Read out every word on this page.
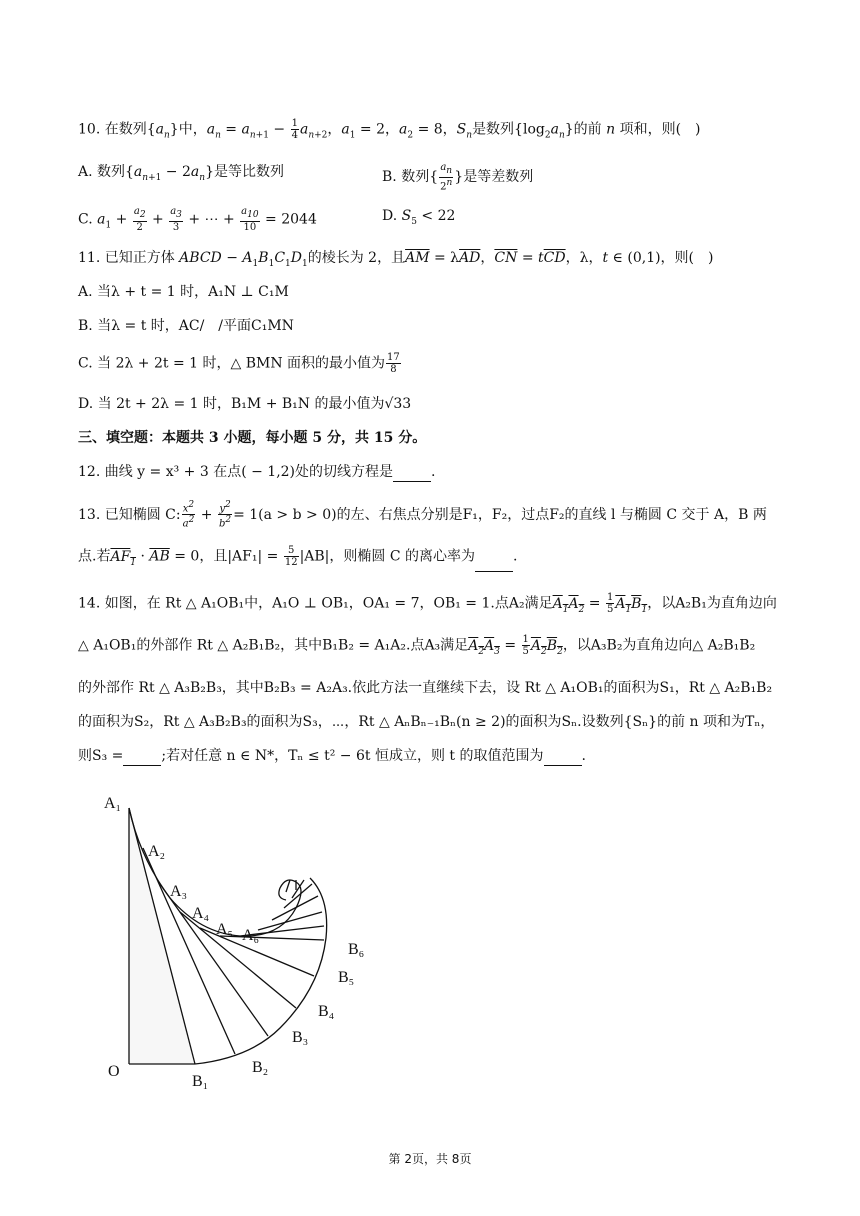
10. 在数列$\{a_n\}$中，$a_n = a_{n+1} - \frac{1}{4} a_{n+2}$，$a_1 = 2$，$a_2 = 8$，$S_n$是数列$\{\log_2a_n\}$的前 n 项和，则(　)
A. 数列$\{a_{n+1} - 2a_n\}$是等比数列	B. 数列{ $\frac{a_n}{2^n}$ }是等差数列
C. $a_1 + \frac{a_2}{2} + \frac{a_3}{3}$ + ⋯ + $\frac{a_{10}}{10} = 2044$	D. $S_5 < 22$
11. 已知正方体 ABCD − $A_1B_1C_1D_1$的棱长为 2，且$\overline{AM} = \lambda\overline{AD}$，$\overline{CN} = t\overline{CD}$，λ，t ∈ (0,1)，则(　)
A. 当λ + t = 1 时，A₁N ⊥ C₁M
B. 当λ = t 时，AC/　/平面C₁MN
C. 当 2λ + 2t = 1 时，△ BMN 面积的最小值为 $\frac{17}{8}$
D. 当 2t + 2λ = 1 时，B₁M + B₁N 的最小值为√33
三、填空题：本题共 3 小题，每小题 5 分，共 15 分。
12. 曲线 y = x³ + 3 在点( − 1,2)处的切线方程是	.
13. 已知椭圆 C: $\frac{x^2}{a^2} + \frac{y^2}{b^2} = 1(a > b > 0)$的左、右焦点分别是F₁，F₂，过点F₂的直线 l 与椭圆 C 交于 A，B 两
点.若$AF_1 \cdot \overline{AB} = 0$，且$|AF_1| = \frac{5}{12} |AB|$，则椭圆 C 的离心率为	.
14. 如图，在 Rt △ A₁OB₁中，A₁O ⊥ OB₁，OA₁ = 7，OB₁ = 1.点A₂满足$A_1A_2 = \frac{1}{5} A_1B_1$，以A₂B₁为直角边向
△ A₁OB₁的外部作 Rt △ A₂B₁B₂，其中B₁B₂ = A₁A₂.点A₃满足$A_2A_3 = \frac{1}{5} A_2B_2$，以A₃B₂为直角边向△ A₂B₁B₂
的外部作 Rt △ A₃B₂B₃，其中B₂B₃ = A₂A₃.依此方法一直继续下去，设 Rt △ A₁OB₁的面积为S₁，Rt △ A₂B₁B₂
的面积为S₂，Rt △ A₃B₂B₃的面积为S₃，⋯，Rt △ AₙBₙ₋₁Bₙ(n ≥ 2)的面积为Sₙ.设数列{Sₙ}的前 n 项和为Tₙ，
则S₃ =	;若对任意 n ∈ N*，Tₙ ≤ t² − 6t 恒成立，则 t 的取值范围为	.
A₁
A₂
A₃
A₄
A₅ A₆
O
B₁
B₂
B₃
B₄
B₅
B₆
第 2页，共 8页
